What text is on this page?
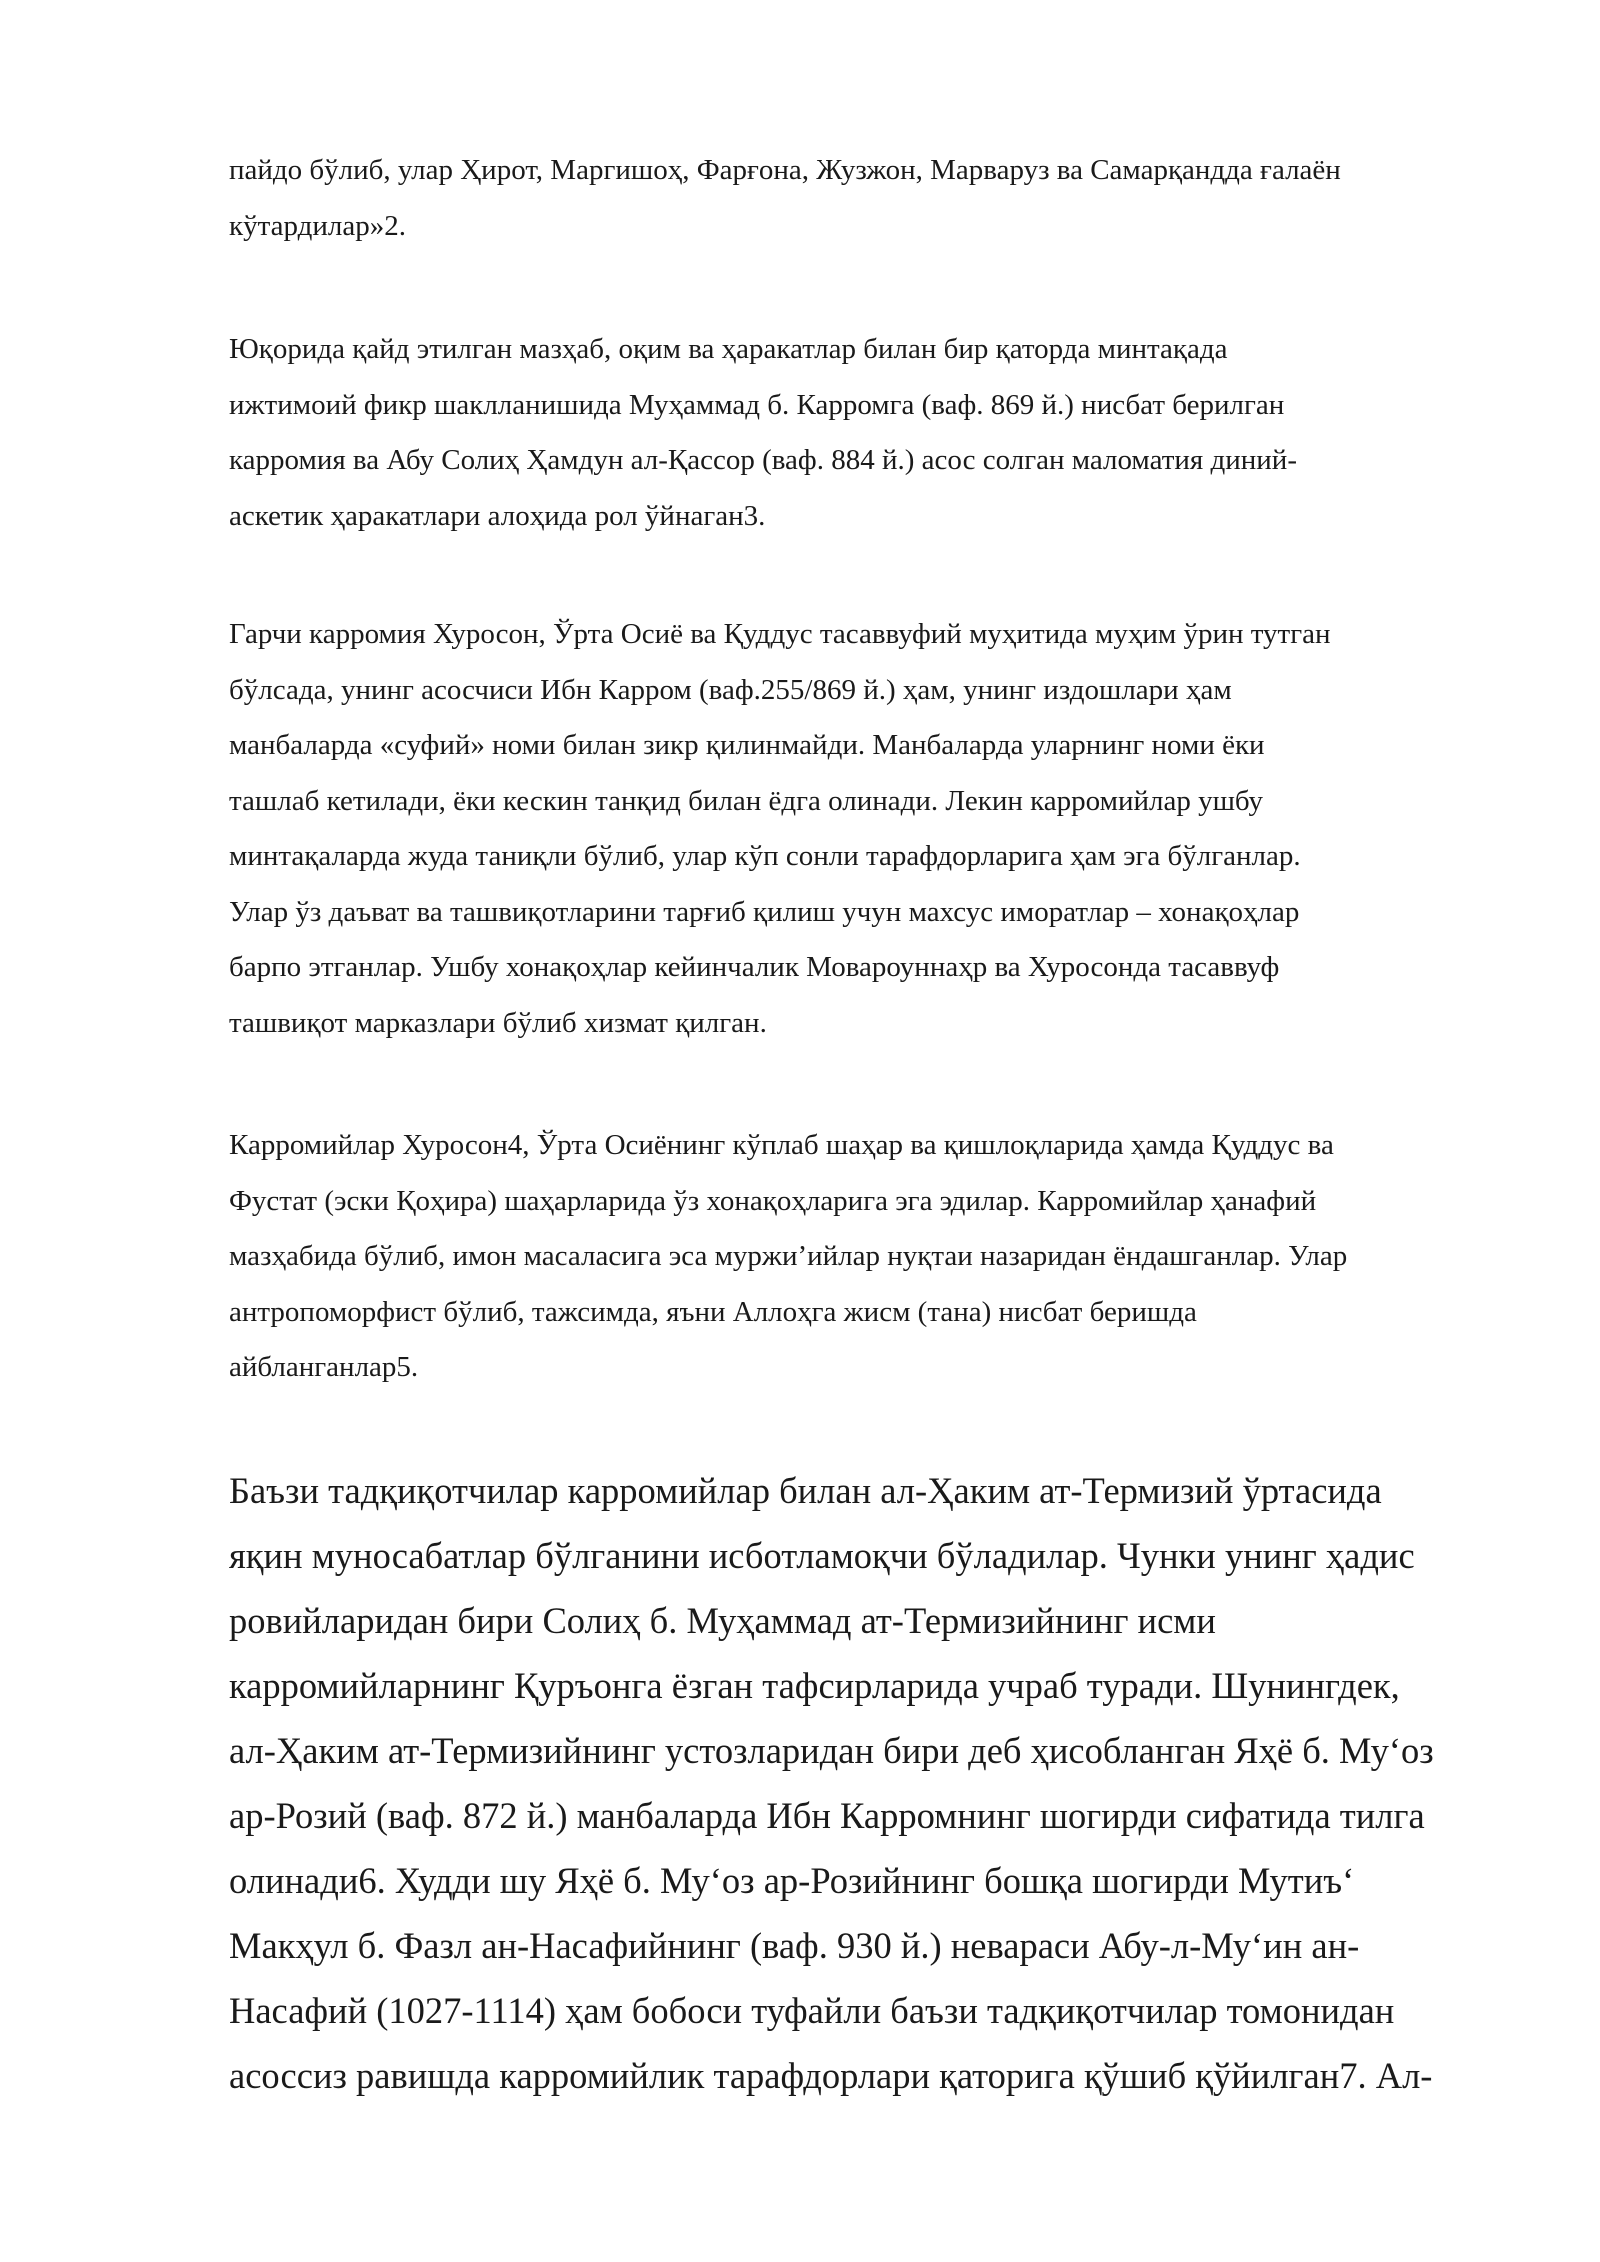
пайдо бўлиб, улар Ҳирот, Маргишоҳ, Фарғона, Жузжон, Марваруз ва Самарқандда ғалаён
кўтардилар»2.
Юқорида қайд этилган мазҳаб, оқим ва ҳаракатлар билан бир қаторда минтақада
ижтимоий фикр шаклланишида Муҳаммад б. Карромга (ваф. 869 й.) нисбат берилган
карромия ва Абу Солиҳ Ҳамдун ал-Қассор (ваф. 884 й.) асос солган маломатия диний-
аскетик ҳаракатлари алоҳида рол ўйнаган3.
Гарчи карромия Хуросон, Ўрта Осиё ва Қуддус тасаввуфий муҳитида муҳим ўрин тутган
бўлсада, унинг асосчиси Ибн Карром (ваф.255/869 й.) ҳам, унинг издошлари ҳам
манбаларда «суфий» номи билан зикр қилинмайди. Манбаларда уларнинг номи ёки
ташлаб кетилади, ёки кескин танқид билан ёдга олинади. Лекин карромийлар ушбу
минтақаларда жуда таниқли бўлиб, улар кўп сонли тарафдорларига ҳам эга бўлганлар.
Улар ўз даъват ва ташвиқотларини тарғиб қилиш учун махсус иморатлар – хонақоҳлар
барпо этганлар. Ушбу хонақоҳлар кейинчалик Мовароуннаҳр ва Хуросонда тасаввуф
ташвиқот марказлари бўлиб хизмат қилган.
Карромийлар Хуросон4, Ўрта Осиёнинг кўплаб шаҳар ва қишлоқларида ҳамда Қуддус ва
Фустат (эски Қоҳира) шаҳарларида ўз хонақоҳларига эга эдилар. Карромийлар ҳанафий
мазҳабида бўлиб, имон масаласига эса муржи’ийлар нуқтаи назаридан ёндашганлар. Улар
антропоморфист бўлиб, тажсимда, яъни Аллоҳга жисм (тана) нисбат беришда
айбланганлар5.
Баъзи тадқиқотчилар карромийлар билан ал-Ҳаким ат-Термизий ўртасида
яқин муносабатлар бўлганини исботламоқчи бўладилар. Чунки унинг ҳадис
ровийларидан бири Солиҳ б. Муҳаммад ат-Термизийнинг исми
карромийларнинг Қуръонга ёзган тафсирларида учраб туради. Шунингдек,
ал-Ҳаким ат-Термизийнинг устозларидан бири деб ҳисобланган Яҳё б. Муʻоз
ар-Розий (ваф. 872 й.) манбаларда Ибн Карромнинг шогирди сифатида тилга
олинади6. Худди шу Яҳё б. Муʻоз ар-Розийнинг бошқа шогирди Мутиъʻ
Макҳул б. Фазл ан-Насафийнинг (ваф. 930 й.) невараси Абу-л-Муʻин ан-
Насафий (1027-1114) ҳам бобоси туфайли баъзи тадқиқотчилар томонидан
асоссиз равишда карромийлик тарафдорлари қаторига қўшиб қўйилган7. Ал-
